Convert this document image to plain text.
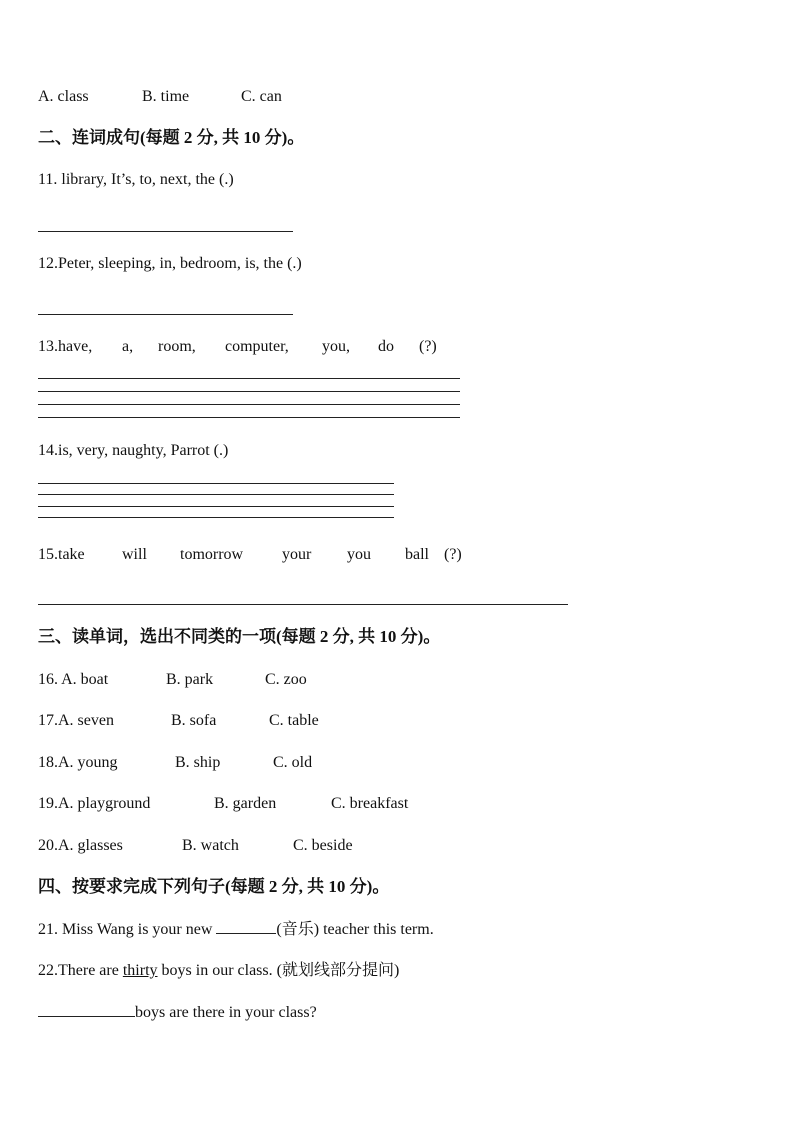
A. class	B. time	C. can
二、连词成句(每题 2 分, 共 10 分)。
11. library, It’s, to, next, the (.)
12.Peter, sleeping, in, bedroom, is, the (.)
13.have,	a,	room,	computer,	you,	do	(?)
14.is, very, naughty, Parrot (.)
15.take	will	tomorrow	your	you	ball (?)
三、读单词，选出不同类的一项(每题 2 分, 共 10 分)。
16. A. boat	B. park	C. zoo
17.A. seven	B. sofa	C. table
18.A. young	B. ship	C. old
19.A. playground	B. garden	C. breakfast
20.A. glasses	B. watch	C. beside
四、按要求完成下列句子(每题 2 分, 共 10 分)。
21. Miss Wang is your new	(音乐) teacher this term.
22.There are thirty boys in our class. (就划线部分提问)
boys are there in your class?
